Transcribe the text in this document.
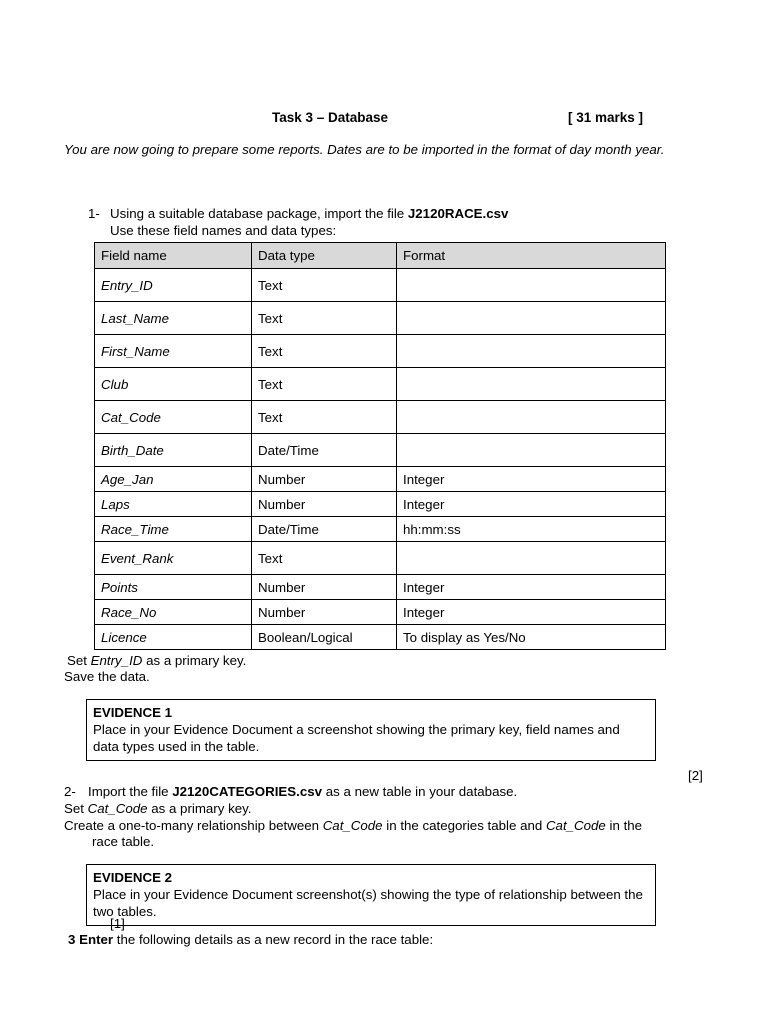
Task 3 – Database	[ 31 marks ]
You are now going to prepare some reports. Dates are to be imported in the format of day month year.
1- Using a suitable database package, import the file J2120RACE.csv
Use these field names and data types:
Field name	Data type	Format
Entry_ID	Text	
Last_Name	Text	
First_Name	Text	
Club	Text	
Cat_Code	Text	
Birth_Date	Date/Time	
Age_Jan	Number	Integer
Laps	Number	Integer
Race_Time	Date/Time	hh:mm:ss
Event_Rank	Text	
Points	Number	Integer
Race_No	Number	Integer
Licence	Boolean/Logical	To display as Yes/No
Set Entry_ID as a primary key.
Save the data.
EVIDENCE 1
Place in your Evidence Document a screenshot showing the primary key, field names and data types used in the table.
[2]
2- Import the file J2120CATEGORIES.csv as a new table in your database.
Set Cat_Code as a primary key.
Create a one-to-many relationship between Cat_Code in the categories table and Cat_Code in the
race table.
EVIDENCE 2
Place in your Evidence Document screenshot(s) showing the type of relationship between the two tables.
[1]
3 Enter the following details as a new record in the race table:
